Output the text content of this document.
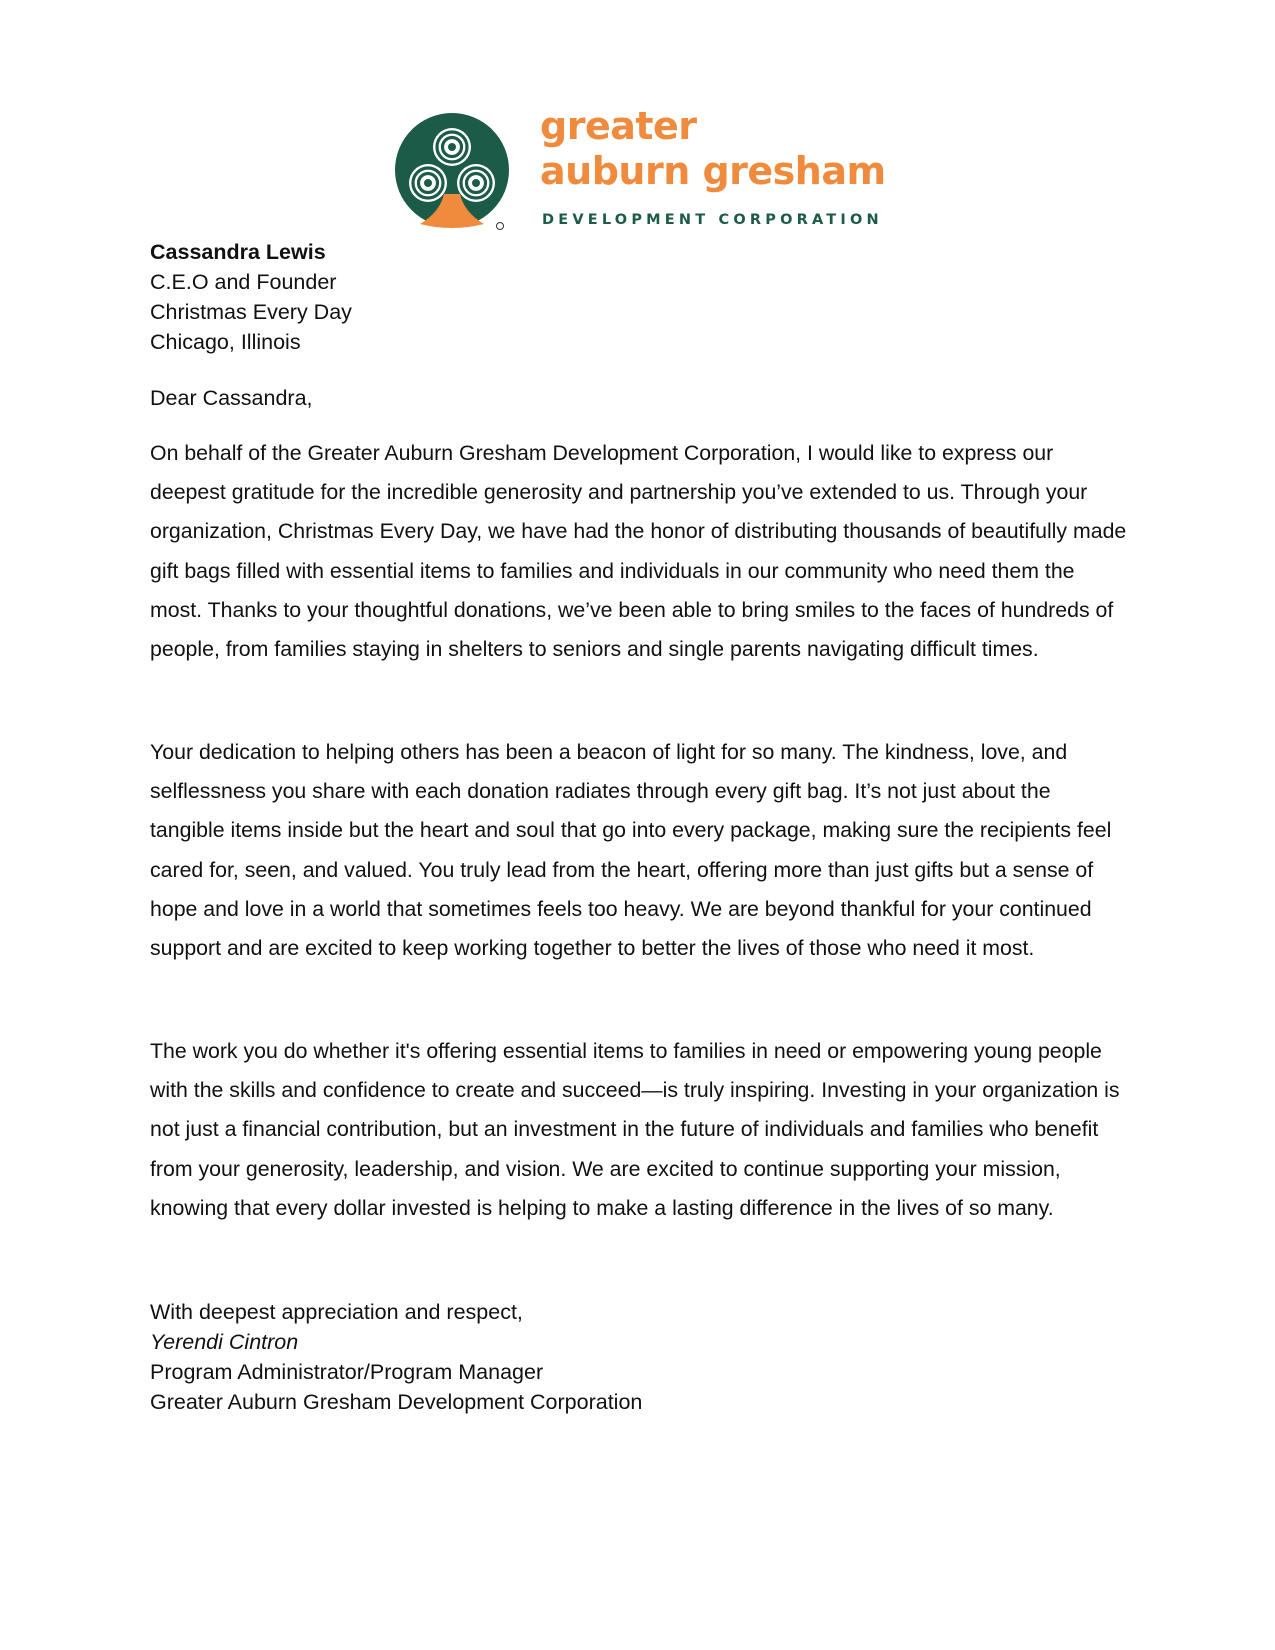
greater

auburn gresham

DEVELOPMENT CORPORATION

Cassandra Lewis
C.E.O and Founder
Christmas Every Day
Chicago, Illinois
Dear Cassandra,

On behalf of the Greater Auburn Gresham Development Corporation, I would like to express our deepest gratitude for the incredible generosity and partnership you’ve extended to us. Through your organization, Christmas Every Day, we have had the honor of distributing thousands of beautifully made gift bags filled with essential items to families and individuals in our community who need them the most. Thanks to your thoughtful donations, we’ve been able to bring smiles to the faces of hundreds of people, from families staying in shelters to seniors and single parents navigating difficult times.

Your dedication to helping others has been a beacon of light for so many. The kindness, love, and selflessness you share with each donation radiates through every gift bag. It’s not just about the tangible items inside but the heart and soul that go into every package, making sure the recipients feel cared for, seen, and valued. You truly lead from the heart, offering more than just gifts but a sense of hope and love in a world that sometimes feels too heavy. We are beyond thankful for your continued support and are excited to keep working together to better the lives of those who need it most.

The work you do whether it's offering essential items to families in need or empowering young people with the skills and confidence to create and succeed—is truly inspiring. Investing in your organization is not just a financial contribution, but an investment in the future of individuals and families who benefit from your generosity, leadership, and vision. We are excited to continue supporting your mission, knowing that every dollar invested is helping to make a lasting difference in the lives of so many.

With deepest appreciation and respect,
Yerendi Cintron
Program Administrator/Program Manager
Greater Auburn Gresham Development Corporation
